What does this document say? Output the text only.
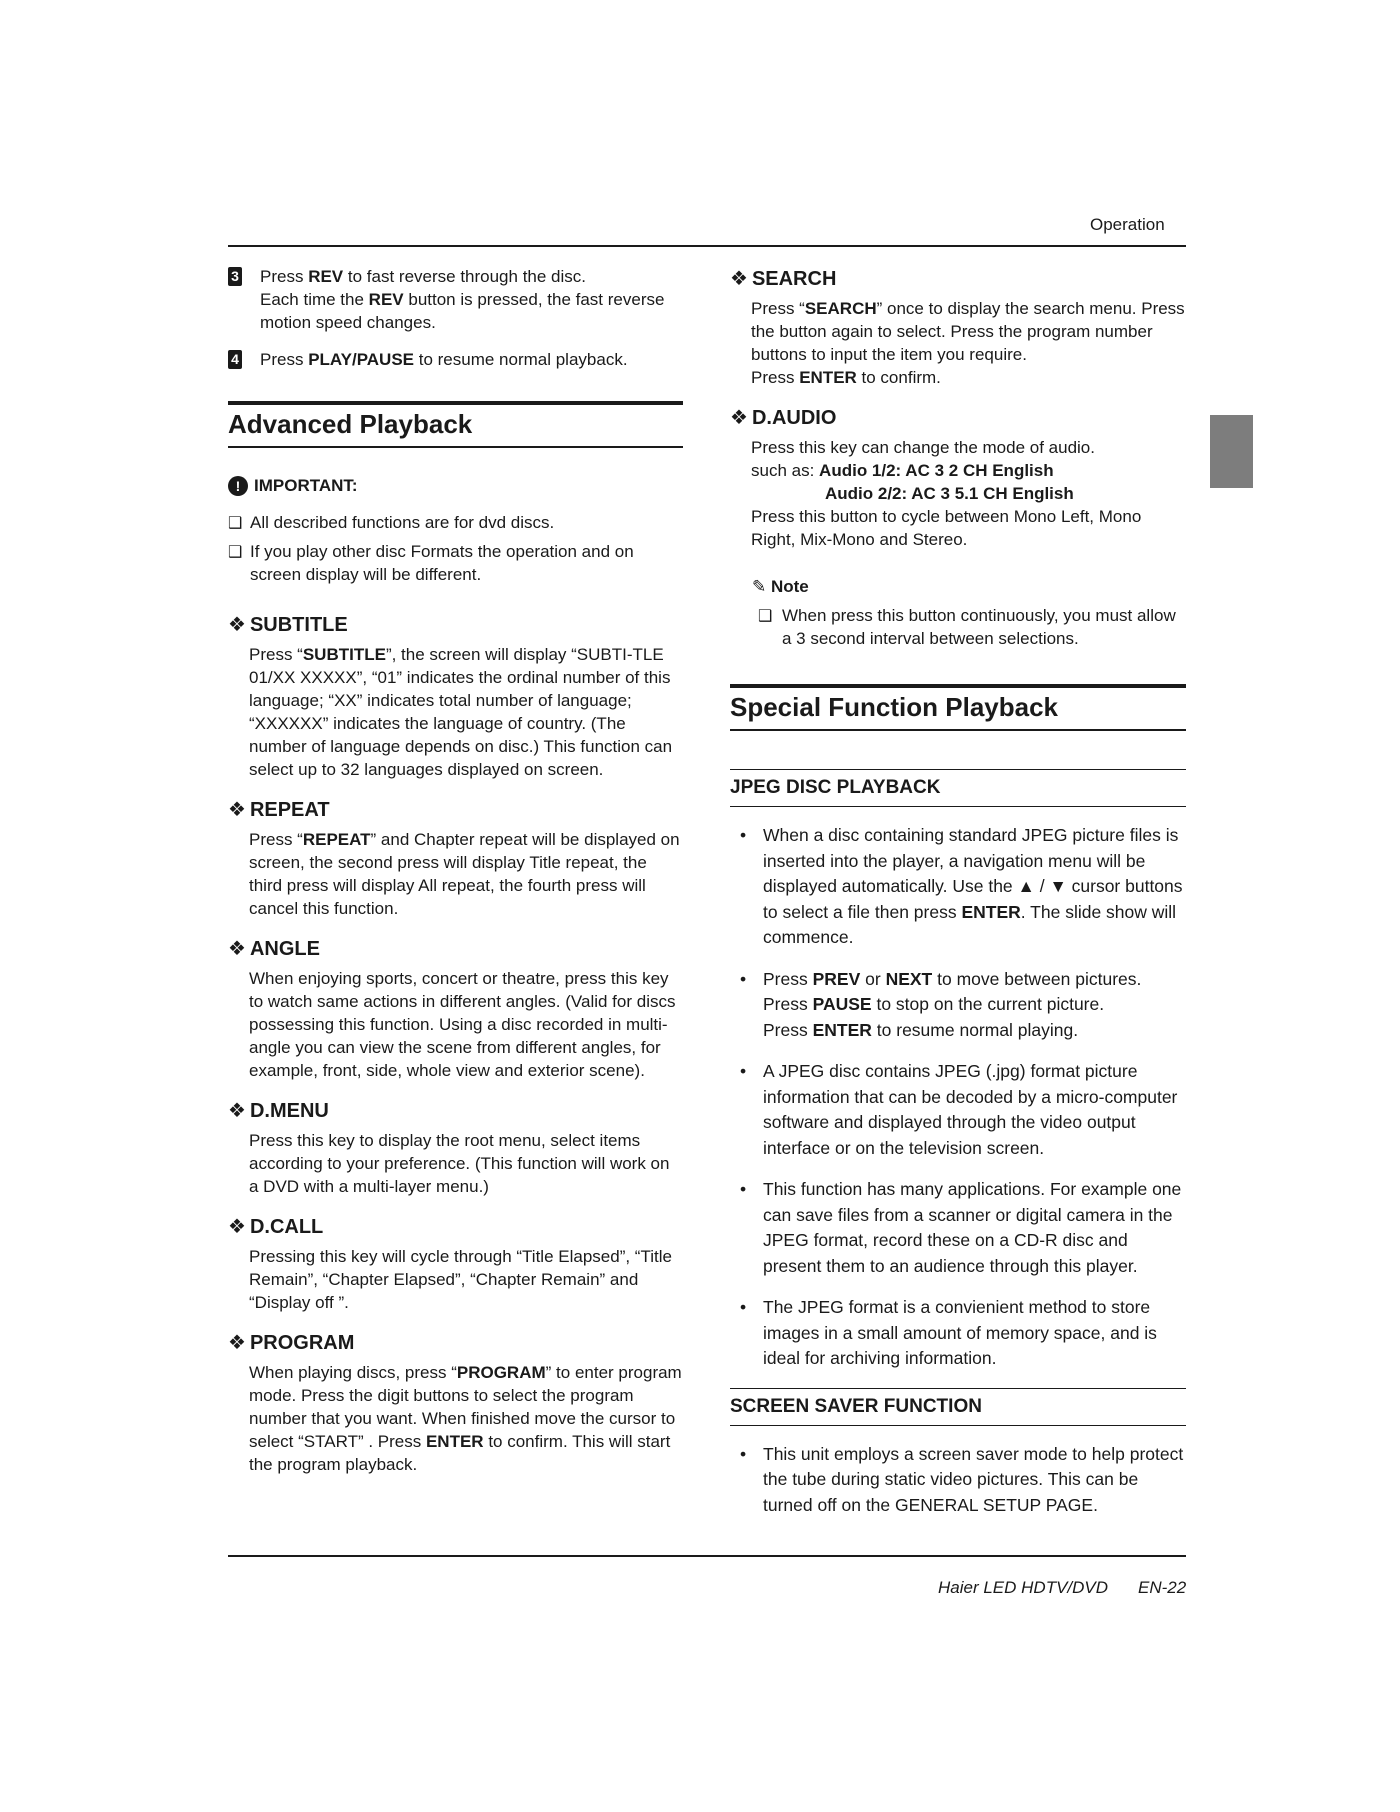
Operation
3 Press REV to fast reverse through the disc.
Each time the REV button is pressed, the fast reverse motion speed changes.
4 Press PLAY/PAUSE to resume normal playback.
Advanced Playback
! IMPORTANT:
❑ All described functions are for dvd discs.
❑ If you play other disc Formats the operation and on screen display will be different.
❖ SUBTITLE
Press “SUBTITLE”, the screen will display “SUBTI-TLE 01/XX XXXXX”, “01” indicates the ordinal number of this language; “XX” indicates total number of language; “XXXXXX” indicates the language of country. (The number of language depends on disc.) This function can select up to 32 languages displayed on screen.
❖ REPEAT
Press “REPEAT” and Chapter repeat will be displayed on screen, the second press will display Title repeat, the third press will display All repeat, the fourth press will cancel this function.
❖ ANGLE
When enjoying sports, concert or theatre, press this key to watch same actions in different angles. (Valid for discs possessing this function. Using a disc recorded in multi-angle you can view the scene from different angles, for example, front, side, whole view and exterior scene).
❖ D.MENU
Press this key to display the root menu, select items according to your preference. (This function will work on a DVD with a multi-layer menu.)
❖ D.CALL
Pressing this key will cycle through “Title Elapsed”, “Title Remain”, “Chapter Elapsed”, “Chapter Remain” and “Display off ”.
❖ PROGRAM
When playing discs, press “PROGRAM” to enter program mode. Press the digit buttons to select the program number that you want. When finished move the cursor to select “START” . Press ENTER to confirm. This will start the program playback.
❖ SEARCH
Press “SEARCH” once to display the search menu. Press the button again to select. Press the program number buttons to input the item you require.
Press ENTER to confirm.
❖ D.AUDIO
Press this key can change the mode of audio.
such as: Audio 1/2: AC 3 2 CH English
Audio 2/2: AC 3 5.1 CH English
Press this button to cycle between Mono Left, Mono Right, Mix-Mono and Stereo.
✎ Note
❑ When press this button continuously, you must allow a 3 second interval between selections.
Special Function Playback
JPEG DISC PLAYBACK
• When a disc containing standard JPEG picture files is inserted into the player, a navigation menu will be displayed automatically. Use the ▲ / ▼ cursor buttons to select a file then press ENTER. The slide show will commence.
• Press PREV or NEXT to move between pictures.
Press PAUSE to stop on the current picture.
Press ENTER to resume normal playing.
• A JPEG disc contains JPEG (.jpg) format picture information that can be decoded by a micro-computer software and displayed through the video output interface or on the television screen.
• This function has many applications. For example one can save files from a scanner or digital camera in the JPEG format, record these on a CD-R disc and present them to an audience through this player.
• The JPEG format is a convienient method to store images in a small amount of memory space, and is ideal for archiving information.
SCREEN SAVER FUNCTION
• This unit employs a screen saver mode to help protect the tube during static video pictures. This can be turned off on the GENERAL SETUP PAGE.
Haier LED HDTV/DVD EN-22
